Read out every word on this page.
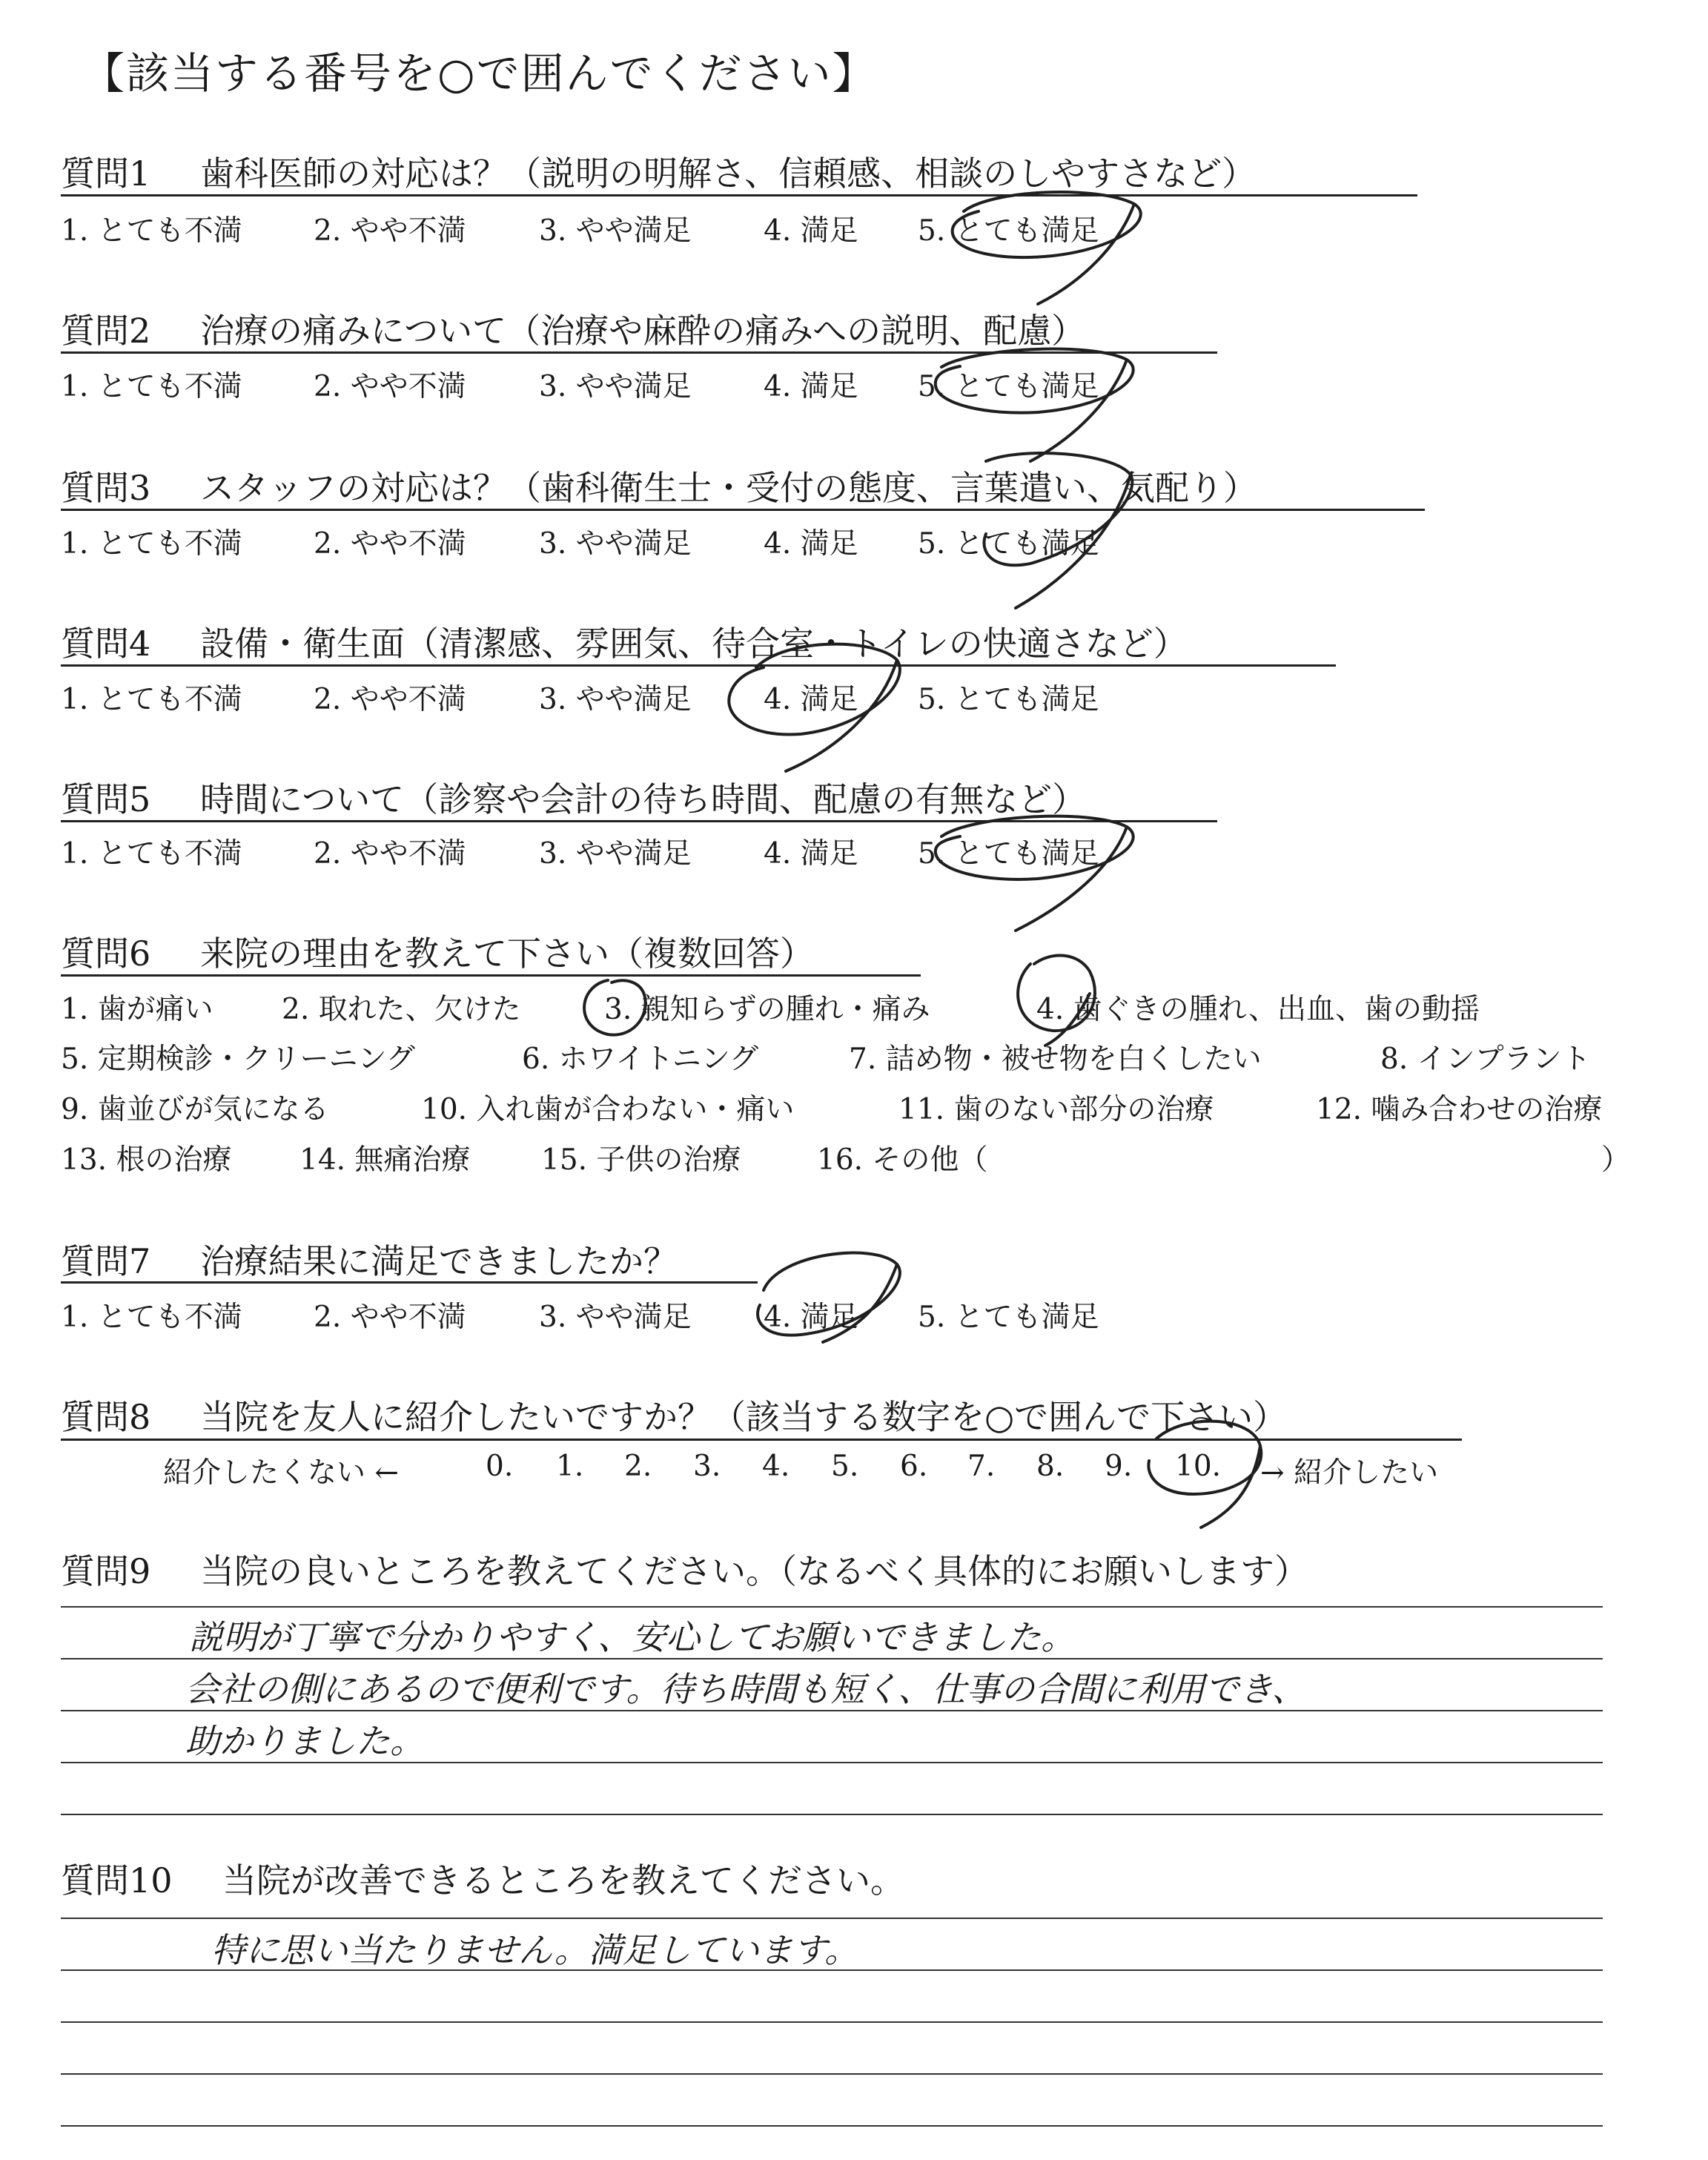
【該当する番号を○で囲んでください】
質問1 歯科医師の対応は？（説明の明解さ、信頼感、相談のしやすさなど）
1. とても不満 2. やや不満	3. やや満足 4. 満足 5. とても満足
質問2 治療の痛みについて（治療や麻酔の痛みへの説明、配慮）
1. とても不満 2. やや不満	3. やや満足 4. 満足 5. とても満足
質問3 スタッフの対応は？（歯科衛生士・受付の態度、言葉遣い、気配り）
1. とても不満 2. やや不満	3. やや満足 4. 満足 5. とても満足
質問4 設備・衛生面（清潔感、雰囲気、待合室・トイレの快適さなど）
1. とても不満 2. やや不満	3. やや満足 4. 満足 5. とても満足
質問5 時間について（診察や会計の待ち時間、配慮の有無など）
1. とても不満 2. やや不満	3. やや満足 4. 満足 5. とても満足
質問6 来院の理由を教えて下さい（複数回答）
1. 歯が痛い 2. 取れた、欠けた	3. 親知らずの腫れ・痛み	4. 歯ぐきの腫れ、出血、歯の動揺
5. 定期検診・クリーニング	6. ホワイトニング	7. 詰め物・被せ物を白くしたい	8. インプラント
9. 歯並びが気になる	10. 入れ歯が合わない・痛い	11. 歯のない部分の治療	12. 噛み合わせの治療
13. 根の治療 14. 無痛治療 15. 子供の治療	16. その他（	）
質問7 治療結果に満足できましたか？
1. とても不満 2. やや不満	3. やや満足 4. 満足 5. とても満足
質問8 当院を友人に紹介したいですか？（該当する数字を○で囲んで下さい）
紹介したくない ←	0. 1. 2. 3. 4. 5. 6. 7. 8. 9. 10. → 紹介したい
質問9 当院の良いところを教えてください。（なるべく具体的にお願いします）
説明が丁寧で分かりやすく、安心してお願いできました。
会社の側にあるので便利です。待ち時間も短く、仕事の合間に利用でき、
助かりました。
質問10 当院が改善できるところを教えてください。
特に思い当たりません。満足しています。
